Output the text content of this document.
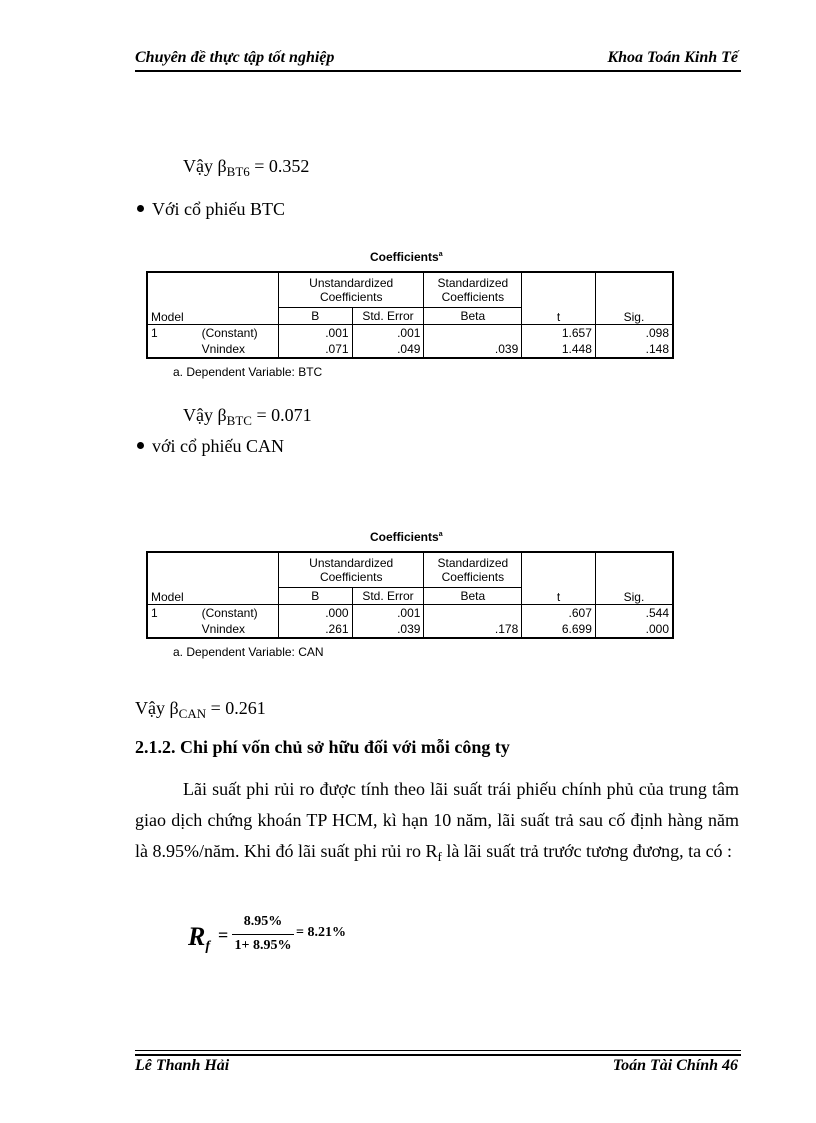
Chuyên đề thực tập tốt nghiệp	Khoa Toán Kinh Tế
Vậy $\beta_{BT6} = 0.352$
Với cổ phiếu BTC
Coefficients$^a$
Model		Unstandardized Coefficients		Standardized Coefficients	t	Sig.
		B	Std. Error	Beta		
1	(Constant)	.001	.001		1.657	.098
	Vnindex	.071	.049	.039	1.448	.148
a. Dependent Variable: BTC
Vậy $\beta_{BTC} = 0.071$
với cổ phiếu CAN
Coefficients$^a$
Model		Unstandardized Coefficients		Standardized Coefficients	t	Sig.
		B	Std. Error	Beta		
1	(Constant)	.000	.001		.607	.544
	Vnindex	.261	.039	.178	6.699	.000
a. Dependent Variable: CAN
Vậy $\beta_{CAN} = 0.261$
2.1.2. Chi phí vốn chủ sở hữu đối với mỗi công ty
Lãi suất phi rủi ro được tính theo lãi suất trái phiếu chính phủ của trung tâm giao dịch chứng khoán TP HCM, kì hạn 10 năm, lãi suất trả sau cố định hàng năm là 8.95%/năm. Khi đó lãi suất phi rủi ro $R_f$ là lãi suất trả trước tương đương, ta có :
Rf
=
8.95%
1+ 8.95%
= 8.21%
Lê Thanh Hải	Toán Tài Chính 46
